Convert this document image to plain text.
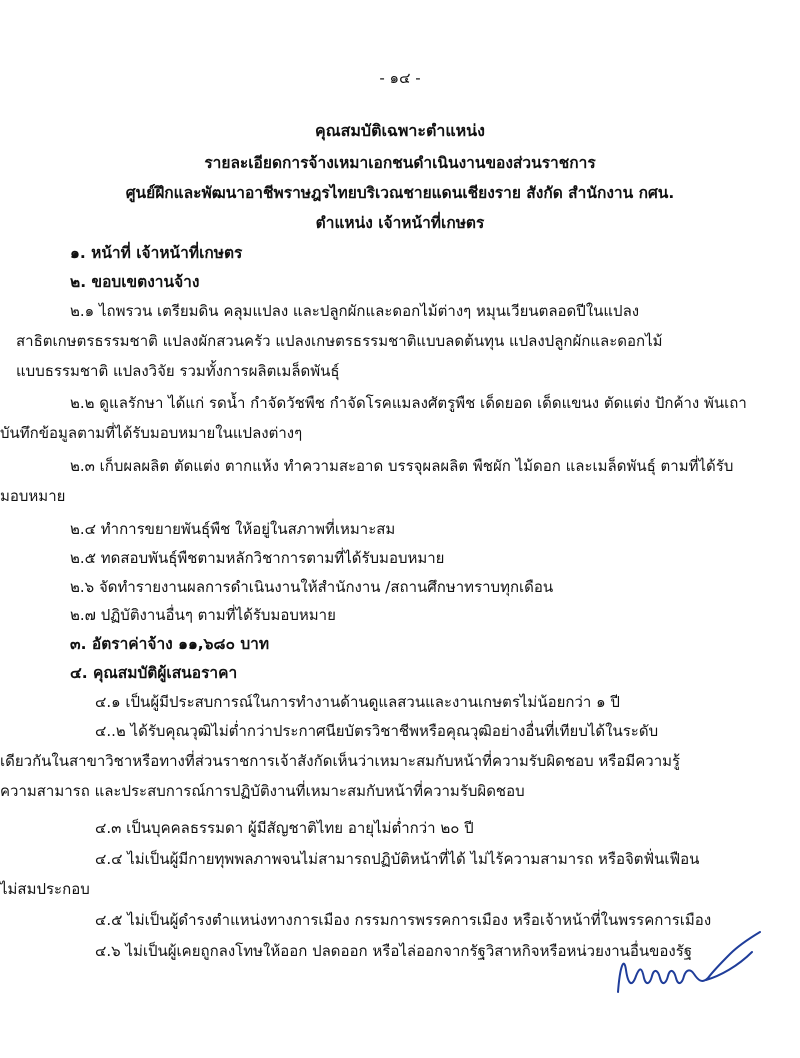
- ๑๔ -
คุณสมบัติเฉพาะตำแหน่ง
รายละเอียดการจ้างเหมาเอกชนดำเนินงานของส่วนราชการ
ศูนย์ฝึกและพัฒนาอาชีพราษฎรไทยบริเวณชายแดนเชียงราย สังกัด สำนักงาน กศน.
ตำแหน่ง เจ้าหน้าที่เกษตร
๑. หน้าที่ เจ้าหน้าที่เกษตร
๒. ขอบเขตงานจ้าง
๒.๑ ไถพรวน เตรียมดิน คลุมแปลง และปลูกผักและดอกไม้ต่างๆ หมุนเวียนตลอดปีในแปลง
สาธิตเกษตรธรรมชาติ แปลงผักสวนครัว แปลงเกษตรธรรมชาติแบบลดต้นทุน แปลงปลูกผักและดอกไม้
แบบธรรมชาติ แปลงวิจัย รวมทั้งการผลิตเมล็ดพันธุ์
๒.๒ ดูแลรักษา ได้แก่ รดน้ำ กำจัดวัชพืช กำจัดโรคแมลงศัตรูพืช เด็ดยอด เด็ดแขนง ตัดแต่ง ปักค้าง พันเถา
บันทึกข้อมูลตามที่ได้รับมอบหมายในแปลงต่างๆ
๒.๓ เก็บผลผลิต ตัดแต่ง ตากแห้ง ทำความสะอาด บรรจุผลผลิต พืชผัก ไม้ดอก และเมล็ดพันธุ์ ตามที่ได้รับ
มอบหมาย
๒.๔ ทำการขยายพันธุ์พืช ให้อยู่ในสภาพที่เหมาะสม
๒.๕ ทดสอบพันธุ์พืชตามหลักวิชาการตามที่ได้รับมอบหมาย
๒.๖ จัดทำรายงานผลการดำเนินงานให้สำนักงาน /สถานศึกษาทราบทุกเดือน
๒.๗ ปฏิบัติงานอื่นๆ ตามที่ได้รับมอบหมาย
๓. อัตราค่าจ้าง ๑๑,๖๘๐ บาท
๔. คุณสมบัติผู้เสนอราคา
๔.๑ เป็นผู้มีประสบการณ์ในการทำงานด้านดูแลสวนและงานเกษตรไม่น้อยกว่า ๑ ปี
๔..๒ ได้รับคุณวุฒิไม่ต่ำกว่าประกาศนียบัตรวิชาชีพหรือคุณวุฒิอย่างอื่นที่เทียบได้ในระดับ
เดียวกันในสาขาวิชาหรือทางที่ส่วนราชการเจ้าสังกัดเห็นว่าเหมาะสมกับหน้าที่ความรับผิดชอบ หรือมีความรู้
ความสามารถ และประสบการณ์การปฏิบัติงานที่เหมาะสมกับหน้าที่ความรับผิดชอบ
๔.๓ เป็นบุคคลธรรมดา ผู้มีสัญชาติไทย อายุไม่ต่ำกว่า ๒๐ ปี
๔.๔ ไม่เป็นผู้มีกายทุพพลภาพจนไม่สามารถปฏิบัติหน้าที่ได้ ไม่ไร้ความสามารถ หรือจิตฟั่นเฟือน
ไม่สมประกอบ
๔.๕ ไม่เป็นผู้ดำรงตำแหน่งทางการเมือง กรรมการพรรคการเมือง หรือเจ้าหน้าที่ในพรรคการเมือง
๔.๖ ไม่เป็นผู้เคยถูกลงโทษให้ออก ปลดออก หรือไล่ออกจากรัฐวิสาหกิจหรือหน่วยงานอื่นของรัฐ
